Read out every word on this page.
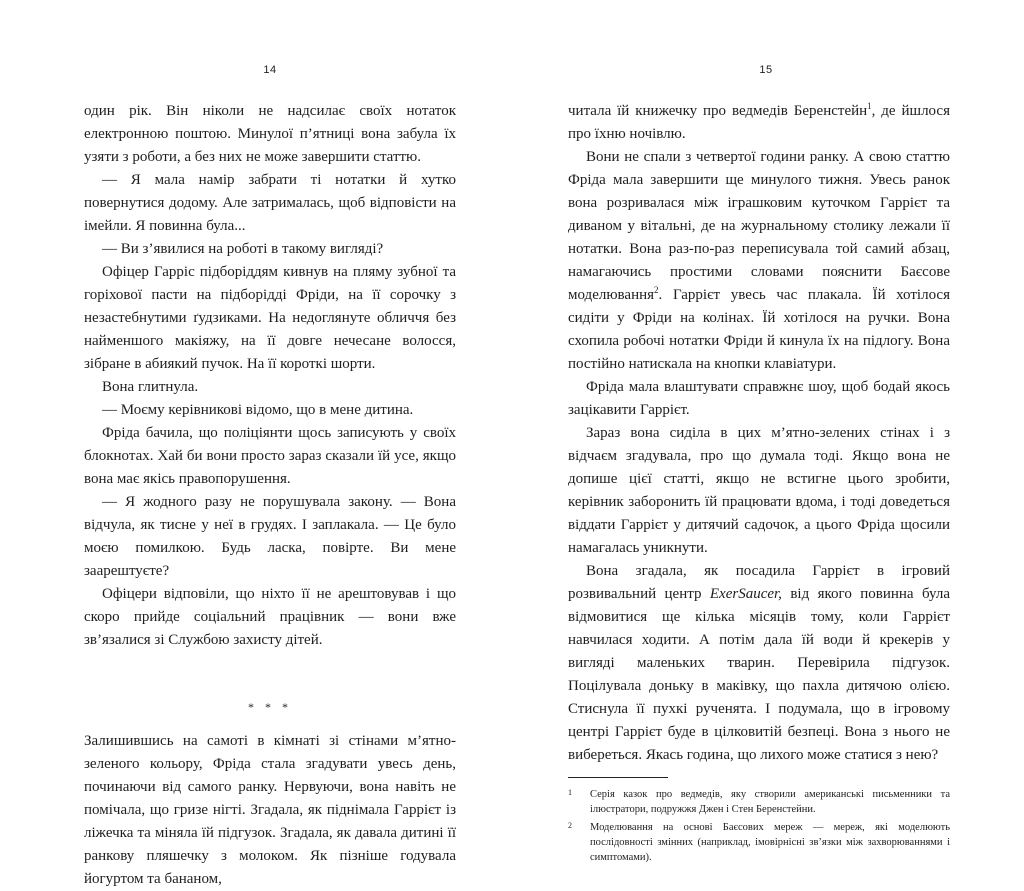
14

один рік. Він ніколи не надсилає своїх нотаток електронною поштою. Минулої п’ятниці вона забула їх узяти з роботи, а без них не може завершити статтю.

— Я мала намір забрати ті нотатки й хутко повернутися додому. Але затрималась, щоб відповісти на імейли. Я повинна була...

— Ви з’явилися на роботі в такому вигляді?

Офіцер Гарріс підборіддям кивнув на пляму зубної та горіхової пасти на підборідді Фріди, на її сорочку з незастебнутими ґудзиками. На недоглянуте обличчя без найменшого макіяжу, на її довге нечесане волосся, зібране в абиякий пучок. На її короткі шорти.

Вона глитнула.

— Моєму керівникові відомо, що в мене дитина.

Фріда бачила, що поліціянти щось записують у своїх блокнотах. Хай би вони просто зараз сказали їй усе, якщо вона має якісь правопорушення.

— Я жодного разу не порушувала закону. — Вона відчула, як тисне у неї в грудях. І заплакала. — Це було моєю помилкою. Будь ласка, повірте. Ви мене заарештуєте?

Офіцери відповіли, що ніхто її не арештовував і що скоро прийде соціальний працівник — вони вже зв’язалися зі Службою захисту дітей.

* * *

Залишившись на самоті в кімнаті зі стінами м’ятно-зеленого кольору, Фріда стала згадувати увесь день, починаючи від самого ранку. Нервуючи, вона навіть не помічала, що гризе нігті. Згадала, як піднімала Гаррієт із ліжечка та міняла їй підгузок. Згадала, як давала дитині її ранкову пляшечку з молоком. Як пізніше годувала йогуртом та бананом,

15

читала їй книжечку про ведмедів Беренстейн$^1$, де йшлося про їхню ночівлю.

Вони не спали з четвертої години ранку. А свою статтю Фріда мала завершити ще минулого тижня. Увесь ранок вона розривалася між іграшковим куточком Гаррієт та диваном у вітальні, де на журнальному столику лежали її нотатки. Вона раз-по-раз переписувала той самий абзац, намагаючись простими словами пояснити Баєсове моделювання$^2$. Гаррієт увесь час плакала. Їй хотілося сидіти у Фріди на колінах. Їй хотілося на ручки. Вона схопила робочі нотатки Фріди й кинула їх на підлогу. Вона постійно натискала на кнопки клавіатури.

Фріда мала влаштувати справжнє шоу, щоб бодай якось зацікавити Гаррієт.

Зараз вона сиділа в цих м’ятно-зелених стінах і з відчаєм згадувала, про що думала тоді. Якщо вона не допише цієї статті, якщо не встигне цього зробити, керівник заборонить їй працювати вдома, і тоді доведеться віддати Гаррієт у дитячий садочок, а цього Фріда щосили намагалась уникнути.

Вона згадала, як посадила Гаррієт в ігровий розвивальний центр ExerSaucer, від якого повинна була відмовитися ще кілька місяців тому, коли Гаррієт навчилася ходити. А потім дала їй води й крекерів у вигляді маленьких тварин. Перевірила підгузок. Поцілувала доньку в маківку, що пахла дитячою олією. Стиснула її пухкі рученята. І подумала, що в ігровому центрі Гаррієт буде в цілковитій безпеці. Вона з нього не вибереться. Якась година, що лихого може статися з нею?

1 Серія казок про ведмедів, яку створили американські письменники та ілюстратори, подружжя Джен і Стен Беренстейни.
2 Моделювання на основі Баєсових мереж — мереж, які моделюють послідовності змінних (наприклад, імовірнісні зв’язки між захворюваннями і симптомами).
